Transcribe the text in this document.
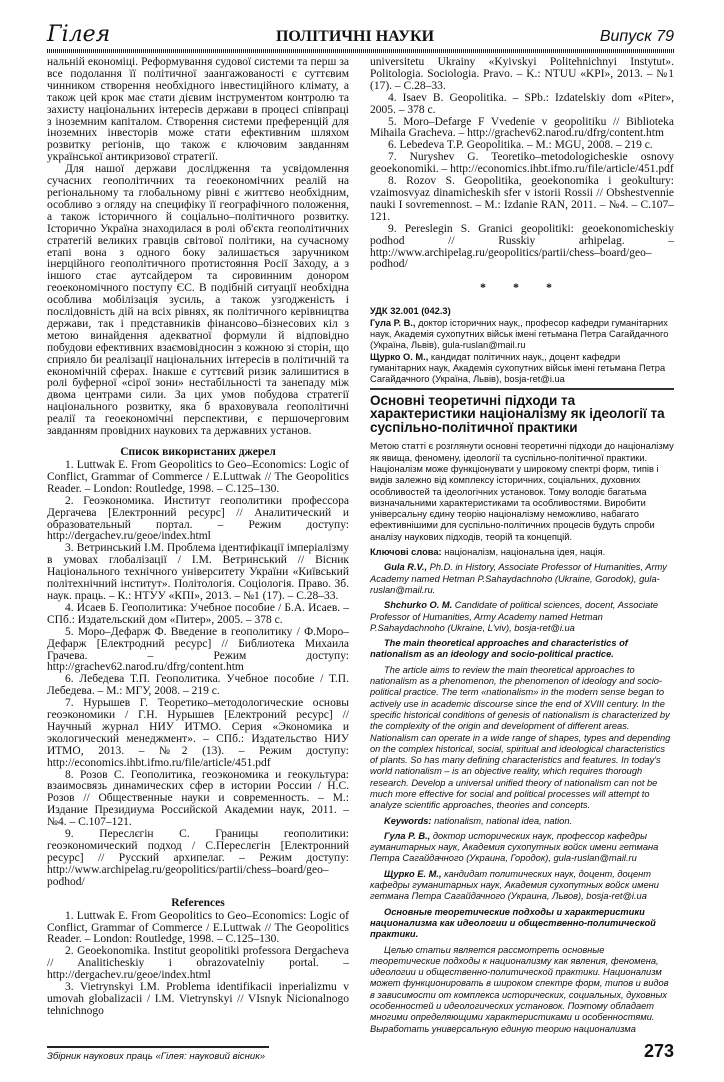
Гілея	ПОЛІТИЧНІ НАУКИ	Випуск 79

нальній економіці. Реформування судової системи та перш за все подолання її політичної заангажованості є суттєвим чинником створення необхідного інвестиційного клімату, а також цей крок має стати дієвим інструментом контролю та захисту національних інтересів держави в процесі співпраці з іноземним капіталом. Створення системи преференцій для іноземних інвесторів може стати ефективним шляхом розвитку регіонів, що також є ключовим завданням української антикризової стратегії.

Для нашої держави дослідження та усвідомлення сучасних геополітичних та геоекономічних реалій на регіональному та глобальному рівні є життєво необхідним, особливо з огляду на специфіку її географічного положення, а також історичного й соціально–політичного розвитку. Історично Україна знаходилася в ролі об'єкта геополітичних стратегій великих гравців світової політики, на сучасному етапі вона з одного боку залишається заручником інерційного геополітичного протистояння Росії Заходу, а з іншого стає аутсайдером та сировинним донором геоекономічного поступу ЄС. В подібній ситуації необхідна особлива мобілізація зусиль, а також узгодженість і послідовність дій на всіх рівнях, як політичного керівництва держави, так і представників фінансово–бізнесових кіл з метою винайдення адекватної формули й відповідно побудови ефективних взаємовідносин з кожною зі сторін, що сприяло би реалізації національних інтересів в політичній та економічній сферах. Інакше є суттєвий ризик залишитися в ролі буферної «сірої зони» нестабільності та занепаду між двома центрами сили. За цих умов побудова стратегії національного розвитку, яка б враховувала геополітичні реалії та геоекономічні перспективи, є першочерговим завданням провідних наукових та державних установ.

Список використаних джерел

1. Luttwak E. From Geopolitics to Geo–Economics: Logic of Conflict, Grammar of Commerce / E.Luttwak // The Geopolitics Reader. – London: Routledge, 1998. – C.125–130.

2. Геоэкономика. Институт геополитики профессора Дергачева [Електронний ресурс] // Аналитический и образовательный портал. – Режим доступу: http://dergachev.ru/geoe/index.html

3. Ветринський І.М. Проблема ідентифікації імперіалізму в умовах глобалізації / І.М. Ветринський // Вісник Національного технічного університету України «Київський політехнічний інститут». Політологія. Соціологія. Право. Зб. наук. праць. – К.: НТУУ «КПІ», 2013. – №1 (17). – С.28–33.

4. Исаев Б. Геополитика: Учебное пособие / Б.А. Исаев. – СПб.: Издательский дом «Питер», 2005. – 378 с.

5. Моро–Дефарж Ф. Введение в геополитику / Ф.Моро–Дефарж [Електродний ресурс] // Библиотека Михаила Грачева. – Режим доступу: http://grachev62.narod.ru/dfrg/content.htm

6. Лебедева Т.П. Геополитика. Учебное пособие / Т.П. Лебедева. – М.: МГУ, 2008. – 219 с.

7. Нурышев Г. Теоретико–методологические основы геоэкономики / Г.Н. Нурышев [Електроний ресурс] // Научный журнал НИУ ИТМО. Серия «Экономика и экологический менеджмент». – СПб.: Издательство НИУ ИТМО, 2013. – №2 (13). – Режим доступу: http://economics.ihbt.ifmo.ru/file/article/451.pdf

8. Розов С. Геополитика, геоэкономика и геокультура: взаимосвязь динамических сфер в истории России / Н.С. Розов // Общественные науки и современность. – М.: Издание Президиума Российской Академии наук, 2011. – №4. – С.107–121.

9. Переслєгін С. Границы геополитики: геоэкономический подход / С.Переслєгін [Електронний ресурс] // Русский архипелаг. – Режим доступу: http://www.archipelag.ru/geopolitics/partii/chess–board/geo–podhod/

References

1. Luttwak E. From Geopolitics to Geo–Economics: Logic of Conflict, Grammar of Commerce / E.Luttwak // The Geopolitics Reader. – London: Routledge, 1998. – C.125–130.

2. Geoekonomika. Institut geopolitiki professora Dergacheva // Analiticheskiy i obrazovatelniy portal. – http://dergachev.ru/geoe/index.html

3. Vietrynskyi I.M. Problema identifikacii inperializmu v umovah globalizacii / I.M. Vietrynskyi // VIsnyk Nicionalnogo tehnichnogo

universitetu Ukrainy «Kyivskyi Politehnichnyi Instytut». Politologia. Sociologia. Pravo. – K.: NTUU «KPI», 2013. – №1 (17). – C.28–33.

4. Isaev B. Geopolitika. – SPb.: Izdatelskiy dom «Piter», 2005. – 378 c.

5. Moro–Defarge F Vvedenie v geopolitiku // Biblioteka Mihaila Gracheva. – http://grachev62.narod.ru/dfrg/content.htm

6. Lebedeva T.P. Geopolitika. – M.: MGU, 2008. – 219 c.

7. Nuryshev G. Teoretiko–metodologicheskie osnovy geoekonomiki. – http://economics.ihbt.ifmo.ru/file/article/451.pdf

8. Rozov S. Geopolitika, geoekonomika i geokultury: vzaimosvyaz dinamicheskih sfer v istorii Rossii // Obshestvennie nauki I sovremennost. – M.: Izdanie RAN, 2011. – №4. – C.107–121.

9. Pereslegin S. Granici geopolitiki: geoekonomicheskiy podhod // Russkiy arhipelag. – http://www.archipelag.ru/geopolitics/partii/chess–board/geo–podhod/

* * *

УДК 32.001 (042.3)

Гула Р. В., доктор історичних наук,, професор кафедри гуманітарних наук, Академія сухопутних військ імені гетьмана Петра Сагайдачного (Україна, Львів), gula-ruslan@mail.ru

Щурко О. М., кандидат політичних наук,, доцент кафедри гуманітарних наук, Академія сухопутних військ імені гетьмана Петра Сагайдачного (Україна, Львів), bosja-ret@i.ua

Основні теоретичні підходи та характеристики націоналізму як ідеології та суспільно-політичної практики

Метою статті є розглянути основні теоретичні підходи до націоналізму як явища, феномену, ідеології та суспільно-політичної практики. Націоналізм може функціонувати у широкому спектрі форм, типів і видів залежно від комплексу історичних, соціальних, духовних особливостей та ідеологічних установок. Тому володіє багатьма визначальними характеристиками та особливостями. Виробити універсальну єдину теорію націоналізму неможливо, набагато ефективнішими для суспільно-політичних процесів будуть спроби аналізу наукових підходів, теорій та концепцій.

Ключові слова: націоналізм, національна ідея, нація.

Gula R.V., Ph.D. in History, Associate Professor of Humanities, Army Academy named Hetman P.Sahaydachnoho (Ukraine, Gorodok), gula-ruslan@mail.ru.

Shchurko O. M. Candidate of political sciences, docent, Associate Professor of Humanities, Army Academy named Hetman P.Sahaydachnoho (Ukraine, L'viv), bosja-ret@i.ua

The main theoretical approaches and characteristics of nationalism as an ideology and socio-political practice.

The article aims to review the main theoretical approaches to nationalism as a phenomenon, the phenomenon of ideology and socio-political practice. The term «nationalism» in the modern sense began to actively use in academic discourse since the end of XVIII century. In the specific historical conditions of genesis of nationalism is characterized by the complexity of the origin and development of different areas. Nationalism can operate in a wide range of shapes, types and depending on the complex historical, social, spiritual and ideological characteristics of plants. So has many defining characteristics and features. In today's world nationalism – is an objective reality, which requires thorough research. Develop a universal unified theory of nationalism can not be much more effective for social and political processes will attempt to analyze scientific approaches, theories and concepts.

Keywords: nationalism, national idea, nation.

Гула Р. В., доктор исторических наук, профессор кафедры гуманитарных наук, Академия сухопутных войск имени гетмана Петра Сагайдачного (Украина, Городок), gula-ruslan@mail.ru

Щурко Е. М., кандидат политических наук, доцент, доцент кафедры гуманитарных наук, Академия сухопутных войск имени гетмана Петра Сагайдачного (Украина, Львов), bosja-ret@i.ua

Основные теоретические подходы и характеристики национализма как идеологии и общественно-политической практики.

Целью статьи является рассмотреть основные теоретические подходы к национализму как явления, феномена, идеологии и общественно-политической практики. Национализм может функционировать в широком спектре форм, типов и видов в зависимости от комплекса исторических, социальных, духовных особенностей и идеологических установок. Поэтому обладает многими определяющими характеристиками и особенностями. Выработать универсальную единую теорию национализма

Збірник наукових праць «Гілея: науковий вісник»	273
